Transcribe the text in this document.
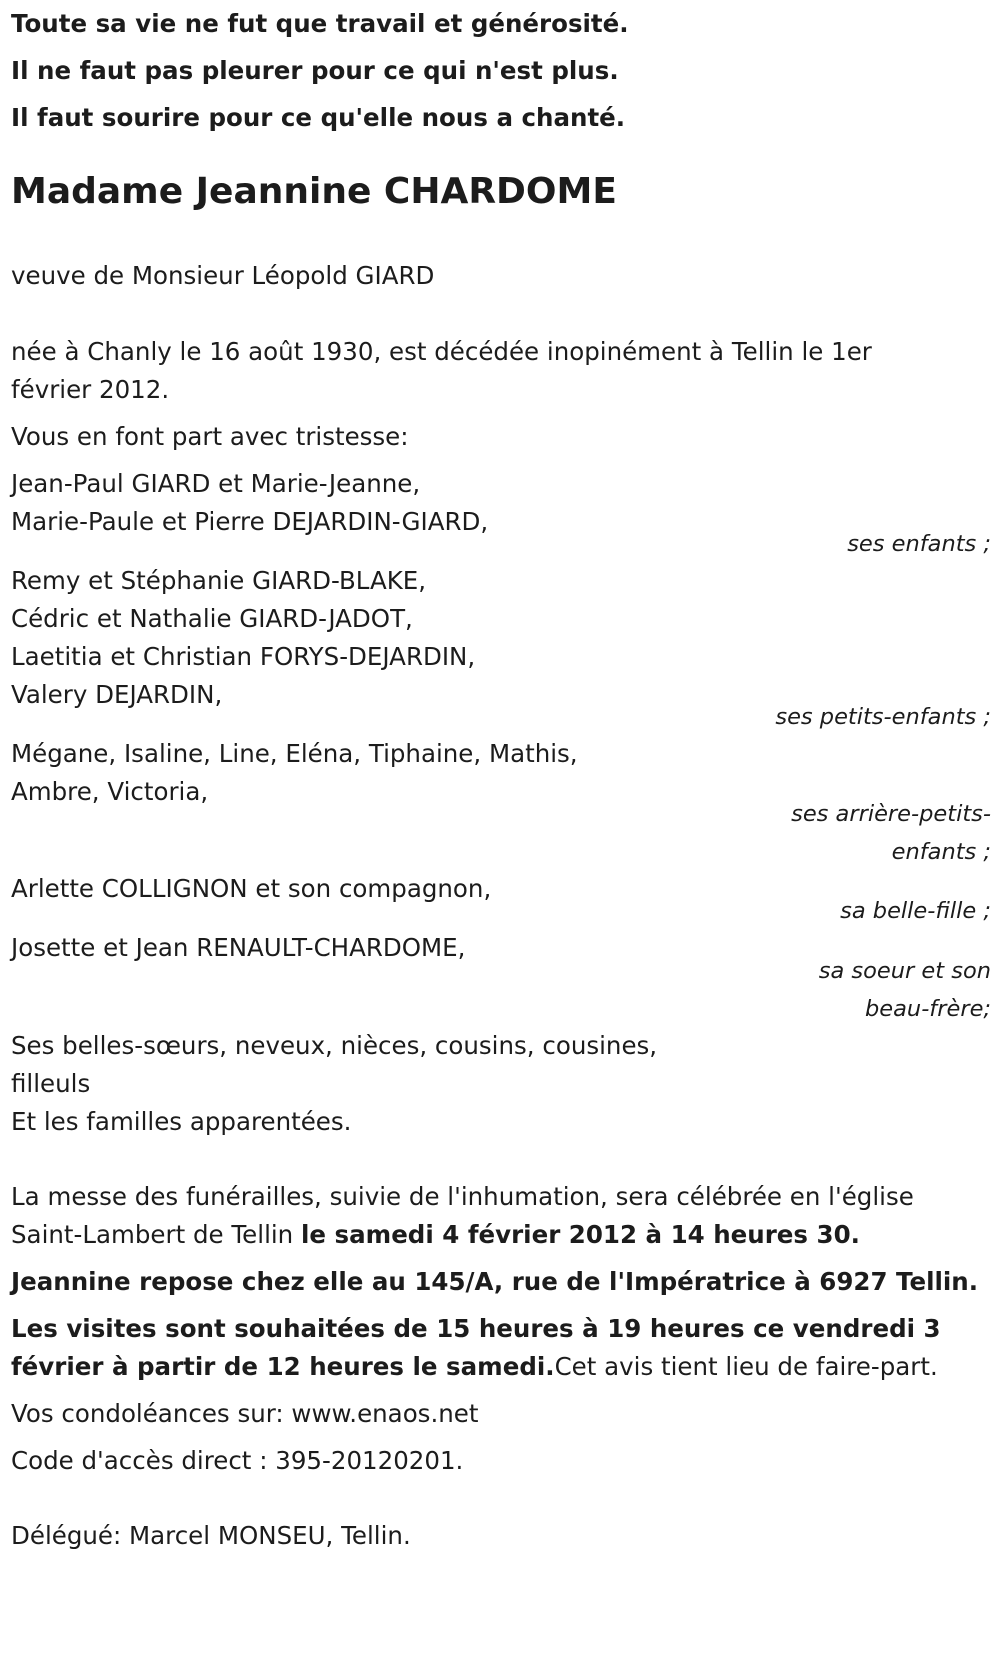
Toute sa vie ne fut que travail et générosité.

Il ne faut pas pleurer pour ce qui n'est plus.

Il faut sourire pour ce qu'elle nous a chanté.

Madame Jeannine CHARDOME

veuve de Monsieur Léopold GIARD

née à Chanly le 16 août 1930, est décédée inopinément à Tellin le 1er

février 2012.

Vous en font part avec tristesse:

Jean-Paul GIARD et Marie-Jeanne,

Marie-Paule et Pierre DEJARDIN-GIARD,

ses enfants ;

Remy et Stéphanie GIARD-BLAKE,

Cédric et Nathalie GIARD-JADOT,

Laetitia et Christian FORYS-DEJARDIN,

Valery DEJARDIN,

ses petits-enfants ;

Mégane, Isaline, Line, Eléna, Tiphaine, Mathis,

Ambre, Victoria,

ses arrière-petits-

enfants ;

Arlette COLLIGNON et son compagnon,

sa belle-fille ;

Josette et Jean RENAULT-CHARDOME,

sa soeur et son

beau-frère;

Ses belles-sœurs, neveux, nièces, cousins, cousines,

filleuls

Et les familles apparentées.

La messe des funérailles, suivie de l'inhumation, sera célébrée en l'église

Saint-Lambert de Tellin le samedi 4 février 2012 à 14 heures 30.

Jeannine repose chez elle au 145/A, rue de l'Impératrice à 6927 Tellin.

Les visites sont souhaitées de 15 heures à 19 heures ce vendredi 3

février à partir de 12 heures le samedi.Cet avis tient lieu de faire-part.

Vos condoléances sur: www.enaos.net

Code d'accès direct : 395-20120201.

Délégué: Marcel MONSEU, Tellin.
